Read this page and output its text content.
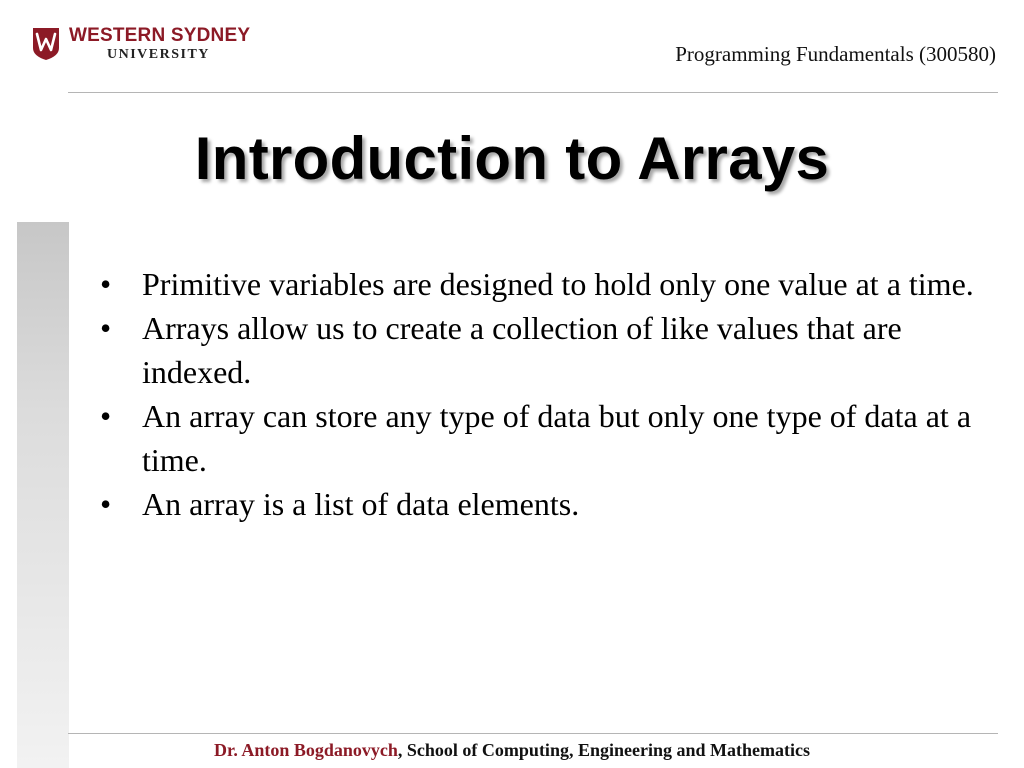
WESTERN SYDNEY
UNIVERSITY	Programming Fundamentals (300580)
Introduction to Arrays
• Primitive variables are designed to hold only one value at a time.
• Arrays allow us to create a collection of like values that are indexed.
• An array can store any type of data but only one type of data at a time.
• An array is a list of data elements.
Dr. Anton Bogdanovych, School of Computing, Engineering and Mathematics
